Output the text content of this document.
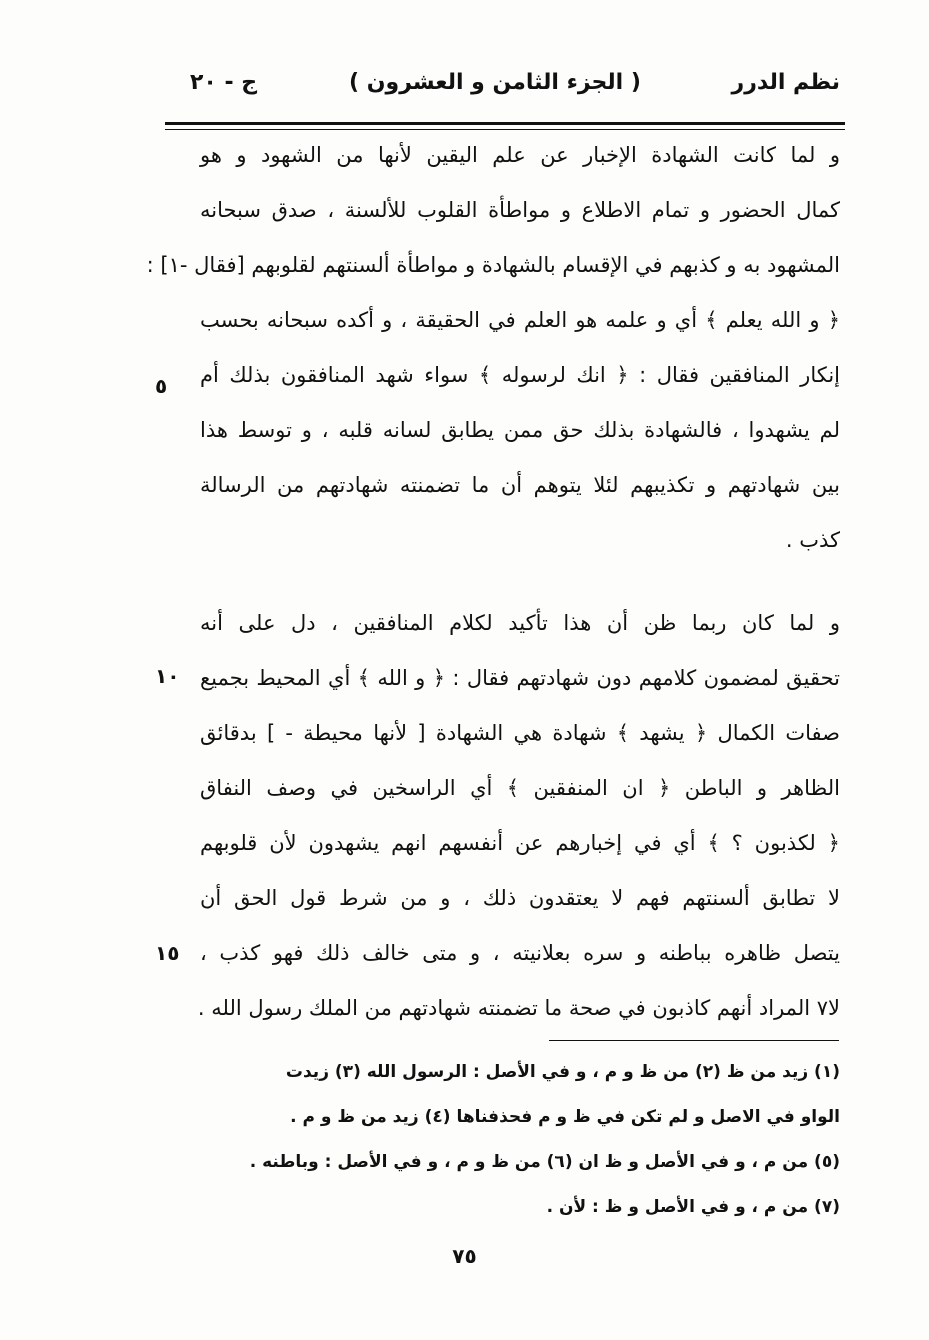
نظم الدرر
( الجزء الثامن و العشرون )
ج - ٢٠
و لما كانت الشهادة الإخبار عن علم اليقين لأنها من الشهود و هو
كمال الحضور و تمام الاطلاع و مواطأة القلوب للألسنة ، صدق سبحانه
المشهود به و كذبهم في الإقسام بالشهادة و مواطأة ألسنتهم لقلوبهم [فقال -١] :
﴿ و الله يعلم ﴾ أي و علمه هو العلم في الحقيقة ، و أكده سبحانه بحسب
إنكار المنافقين فقال : ﴿ انك لرسوله ﴾ سواء شهد المنافقون بذلك أم
لم يشهدوا ، فالشهادة بذلك حق ممن يطابق لسانه قلبه ، و توسط هذا
بين شهادتهم و تكذيبهم لئلا يتوهم أن ما تضمنته شهادتهم من الرسالة
كذب .
و لما كان ربما ظن أن هذا تأكيد لكلام المنافقين ، دل على أنه
تحقيق لمضمون كلامهم دون شهادتهم فقال : ﴿ و الله ﴾ أي المحيط بجميع
صفات الكمال ﴿ يشهد ﴾ شهادة هي الشهادة [ لأنها محيطة - ] بدقائق
الظاهر و الباطن ﴿ ان المنفقين ﴾ أي الراسخين في وصف النفاق
﴿ لكذبون ؟ ﴾ أي في إخبارهم عن أنفسهم انهم يشهدون لأن قلوبهم
لا تطابق ألسنتهم فهم لا يعتقدون ذلك ، و من شرط قول الحق أن
يتصل ظاهره بباطنه و سره بعلانيته ، و متى خالف ذلك فهو كذب ،
لا٧ المراد أنهم كاذبون في صحة ما تضمنته شهادتهم من الملك رسول الله .
٥
١٠
١٥
(١) زيد من ظ (٢) من ظ و م ، و في الأصل : الرسول الله (٣) زيدت
الواو في الاصل و لم تكن في ظ و م فحذفناها (٤) زيد من ظ و م .
(٥) من م ، و في الأصل و ظ ان (٦) من ظ و م ، و في الأصل : وباطنه .
(٧) من م ، و في الأصل و ظ : لأن .
٧٥
